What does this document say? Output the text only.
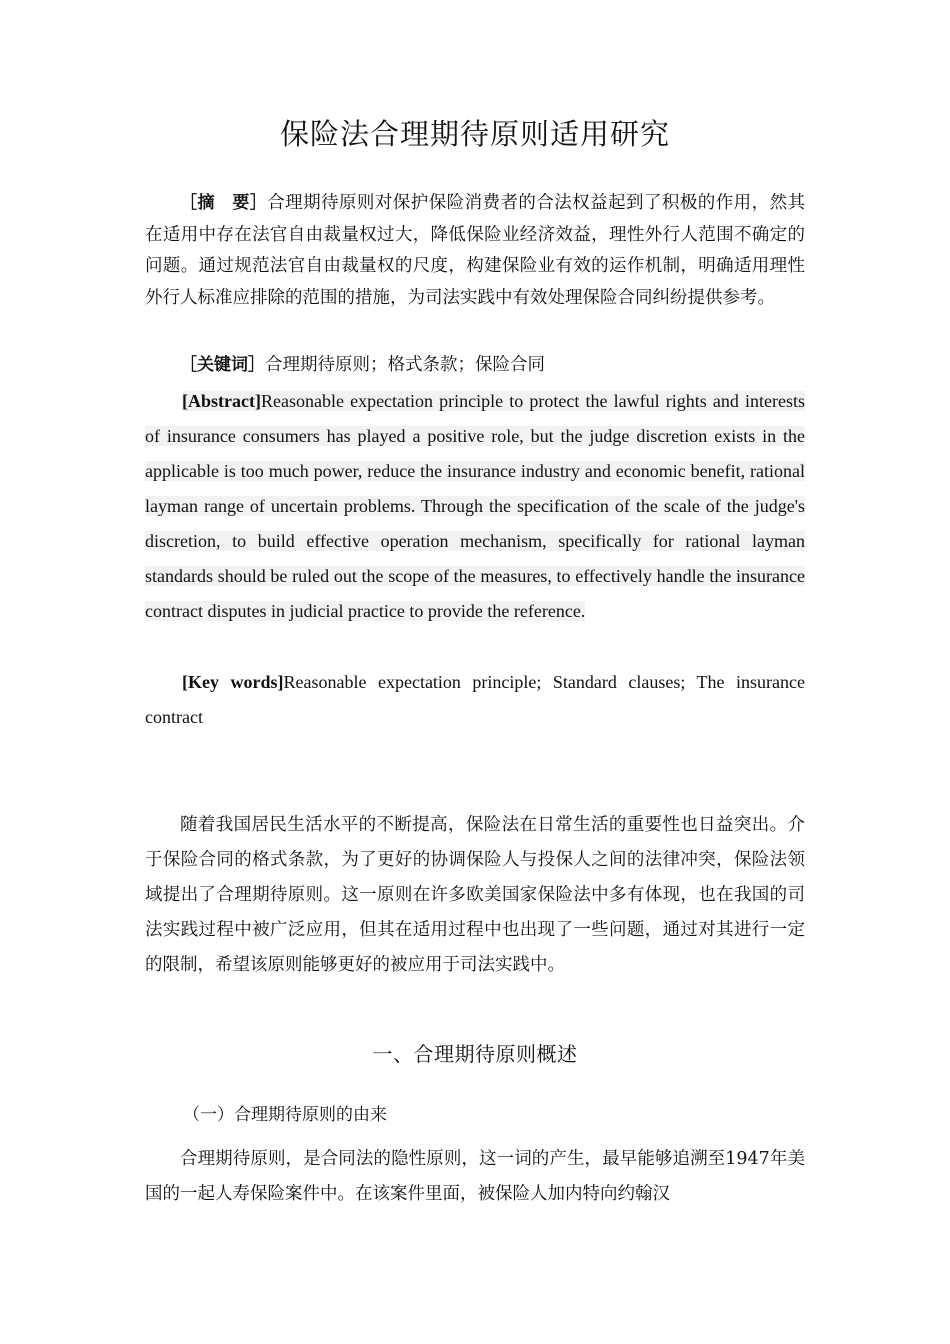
保险法合理期待原则适用研究

［摘　要］合理期待原则对保护保险消费者的合法权益起到了积极的作用，然其在适用中存在法官自由裁量权过大，降低保险业经济效益，理性外行人范围不确定的问题。通过规范法官自由裁量权的尺度，构建保险业有效的运作机制，明确适用理性外行人标准应排除的范围的措施，为司法实践中有效处理保险合同纠纷提供参考。

［关键词］合理期待原则；格式条款；保险合同

[Abstract]Reasonable expectation principle to protect the lawful rights and interests of insurance consumers has played a positive role, but the judge discretion exists in the applicable is too much power, reduce the insurance industry and economic benefit, rational layman range of uncertain problems. Through the specification of the scale of the judge's discretion, to build effective operation mechanism, specifically for rational layman standards should be ruled out the scope of the measures, to effectively handle the insurance contract disputes in judicial practice to provide the reference.

[Key words]Reasonable expectation principle; Standard clauses; The insurance contract

随着我国居民生活水平的不断提高，保险法在日常生活的重要性也日益突出。介于保险合同的格式条款，为了更好的协调保险人与投保人之间的法律冲突，保险法领域提出了合理期待原则。这一原则在许多欧美国家保险法中多有体现，也在我国的司法实践过程中被广泛应用，但其在适用过程中也出现了一些问题，通过对其进行一定的限制，希望该原则能够更好的被应用于司法实践中。

一、合理期待原则概述
（一）合理期待原则的由来

合理期待原则，是合同法的隐性原则，这一词的产生，最早能够追溯至1947年美国的一起人寿保险案件中。在该案件里面，被保险人加内特向约翰汉
